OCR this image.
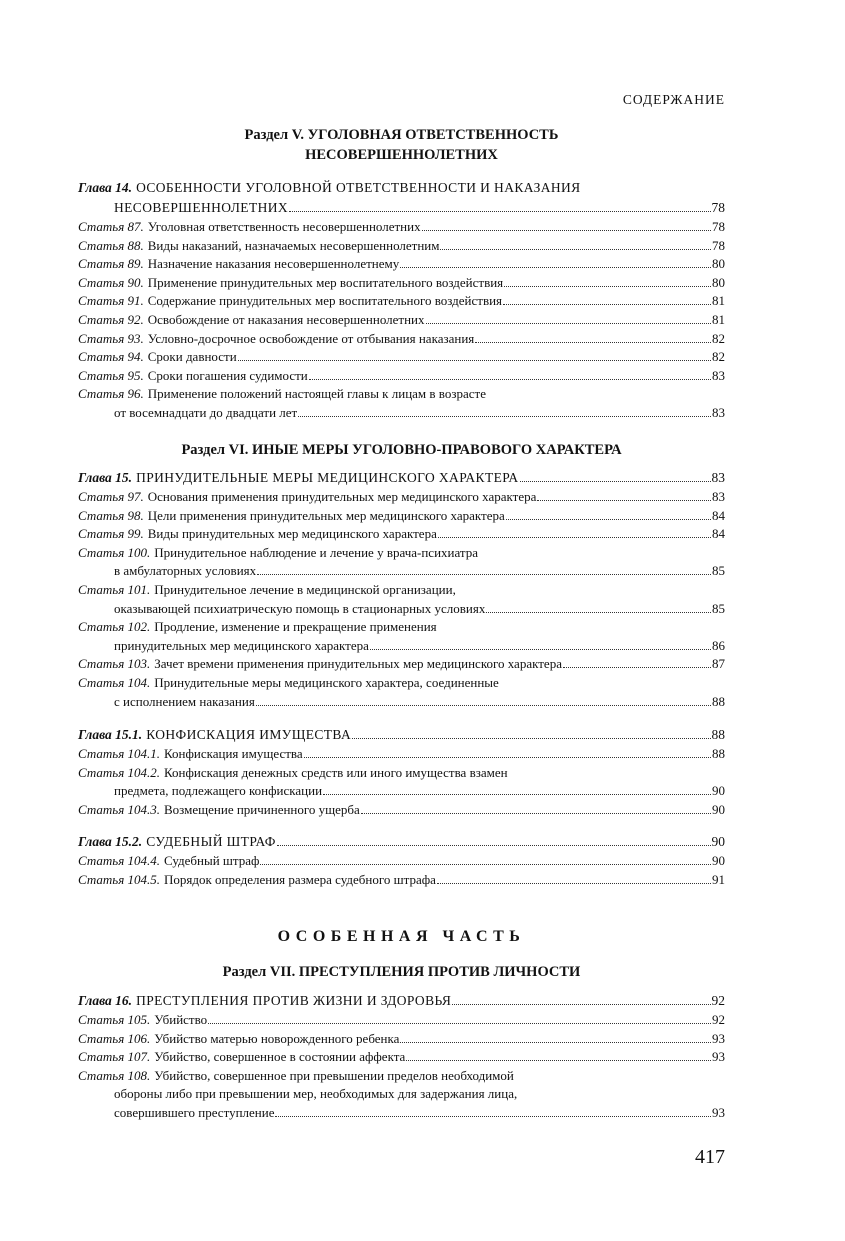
СОДЕРЖАНИЕ
Раздел V. УГОЛОВНАЯ ОТВЕТСТВЕННОСТЬ
НЕСОВЕРШЕННОЛЕТНИХ
Глава 14. ОСОБЕННОСТИ УГОЛОВНОЙ ОТВЕТСТВЕННОСТИ И НАКАЗАНИЯ
НЕСОВЕРШЕННОЛЕТНИХ	78
Статья 87. Уголовная ответственность несовершеннолетних	78
Статья 88. Виды наказаний, назначаемых несовершеннолетним	78
Статья 89. Назначение наказания несовершеннолетнему	80
Статья 90. Применение принудительных мер воспитательного воздействия	80
Статья 91. Содержание принудительных мер воспитательного воздействия	81
Статья 92. Освобождение от наказания несовершеннолетних	81
Статья 93. Условно-досрочное освобождение от отбывания наказания	82
Статья 94. Сроки давности	82
Статья 95. Сроки погашения судимости	83
Статья 96. Применение положений настоящей главы к лицам в возрасте
от восемнадцати до двадцати лет	83
Раздел VI. ИНЫЕ МЕРЫ УГОЛОВНО-ПРАВОВОГО ХАРАКТЕРА
Глава 15. ПРИНУДИТЕЛЬНЫЕ МЕРЫ МЕДИЦИНСКОГО ХАРАКТЕРА	83
Статья 97. Основания применения принудительных мер медицинского характера	83
Статья 98. Цели применения принудительных мер медицинского характера	84
Статья 99. Виды принудительных мер медицинского характера	84
Статья 100. Принудительное наблюдение и лечение у врача-психиатра
в амбулаторных условиях	85
Статья 101. Принудительное лечение в медицинской организации,
оказывающей психиатрическую помощь в стационарных условиях	85
Статья 102. Продление, изменение и прекращение применения
принудительных мер медицинского характера	86
Статья 103. Зачет времени применения принудительных мер медицинского характера	87
Статья 104. Принудительные меры медицинского характера, соединенные
с исполнением наказания	88
Глава 15.1. КОНФИСКАЦИЯ ИМУЩЕСТВА	88
Статья 104.1. Конфискация имущества	88
Статья 104.2. Конфискация денежных средств или иного имущества взамен
предмета, подлежащего конфискации	90
Статья 104.3. Возмещение причиненного ущерба	90
Глава 15.2. СУДЕБНЫЙ ШТРАФ	90
Статья 104.4. Судебный штраф	90
Статья 104.5. Порядок определения размера судебного штрафа	91
ОСОБЕННАЯ ЧАСТЬ
Раздел VII. ПРЕСТУПЛЕНИЯ ПРОТИВ ЛИЧНОСТИ
Глава 16. ПРЕСТУПЛЕНИЯ ПРОТИВ ЖИЗНИ И ЗДОРОВЬЯ	92
Статья 105. Убийство	92
Статья 106. Убийство матерью новорожденного ребенка	93
Статья 107. Убийство, совершенное в состоянии аффекта	93
Статья 108. Убийство, совершенное при превышении пределов необходимой
обороны либо при превышении мер, необходимых для задержания лица,
совершившего преступление	93
417
